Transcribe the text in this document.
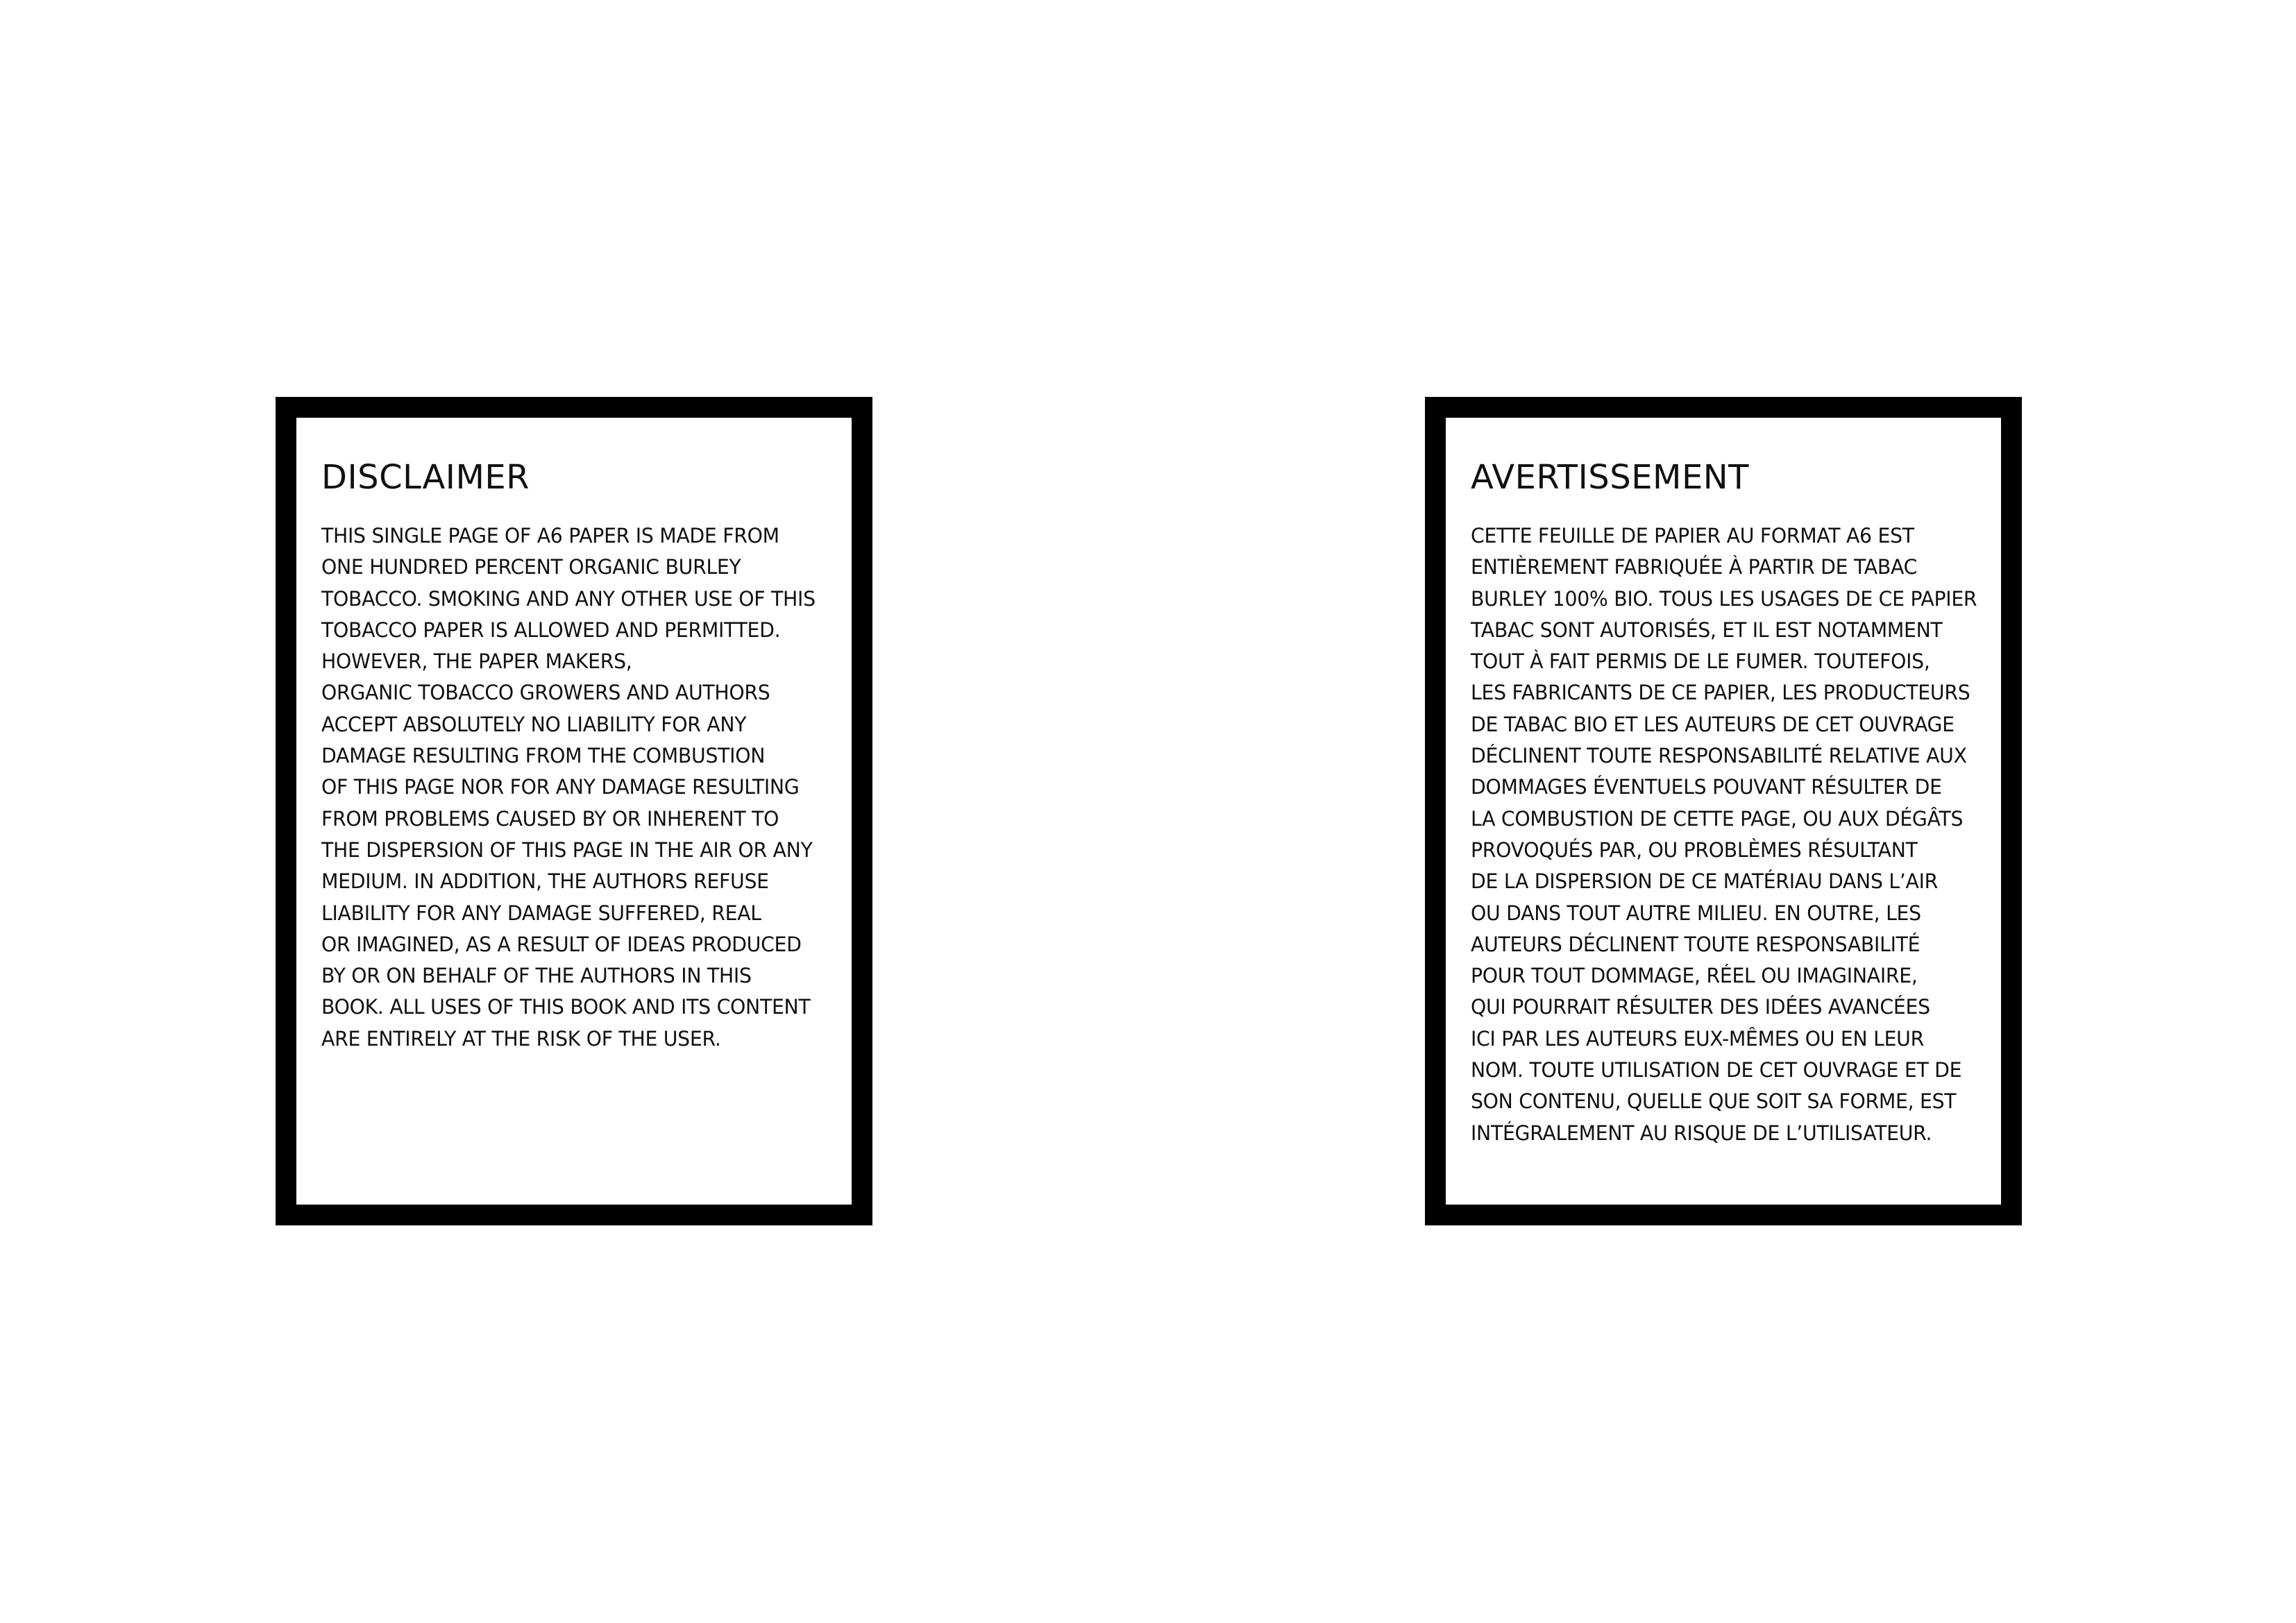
DISCLAIMER
THIS SINGLE PAGE OF A6 PAPER IS MADE FROM
ONE HUNDRED PERCENT ORGANIC BURLEY
TOBACCO. SMOKING AND ANY OTHER USE OF THIS
TOBACCO PAPER IS ALLOWED AND PERMITTED.
HOWEVER, THE PAPER MAKERS,
ORGANIC TOBACCO GROWERS AND AUTHORS
ACCEPT ABSOLUTELY NO LIABILITY FOR ANY
DAMAGE RESULTING FROM THE COMBUSTION
OF THIS PAGE NOR FOR ANY DAMAGE RESULTING
FROM PROBLEMS CAUSED BY OR INHERENT TO
THE DISPERSION OF THIS PAGE IN THE AIR OR ANY
MEDIUM. IN ADDITION, THE AUTHORS REFUSE
LIABILITY FOR ANY DAMAGE SUFFERED, REAL
OR IMAGINED, AS A RESULT OF IDEAS PRODUCED
BY OR ON BEHALF OF THE AUTHORS IN THIS
BOOK. ALL USES OF THIS BOOK AND ITS CONTENT
ARE ENTIRELY AT THE RISK OF THE USER.
AVERTISSEMENT
CETTE FEUILLE DE PAPIER AU FORMAT A6 EST
ENTIÈREMENT FABRIQUÉE À PARTIR DE TABAC
BURLEY 100% BIO. TOUS LES USAGES DE CE PAPIER
TABAC SONT AUTORISÉS, ET IL EST NOTAMMENT
TOUT À FAIT PERMIS DE LE FUMER. TOUTEFOIS,
LES FABRICANTS DE CE PAPIER, LES PRODUCTEURS
DE TABAC BIO ET LES AUTEURS DE CET OUVRAGE
DÉCLINENT TOUTE RESPONSABILITÉ RELATIVE AUX
DOMMAGES ÉVENTUELS POUVANT RÉSULTER DE
LA COMBUSTION DE CETTE PAGE, OU AUX DÉGÂTS
PROVOQUÉS PAR, OU PROBLÈMES RÉSULTANT
DE LA DISPERSION DE CE MATÉRIAU DANS L’AIR
OU DANS TOUT AUTRE MILIEU. EN OUTRE, LES
AUTEURS DÉCLINENT TOUTE RESPONSABILITÉ
POUR TOUT DOMMAGE, RÉEL OU IMAGINAIRE,
QUI POURRAIT RÉSULTER DES IDÉES AVANCÉES
ICI PAR LES AUTEURS EUX-MÊMES OU EN LEUR
NOM. TOUTE UTILISATION DE CET OUVRAGE ET DE
SON CONTENU, QUELLE QUE SOIT SA FORME, EST
INTÉGRALEMENT AU RISQUE DE L’UTILISATEUR.
